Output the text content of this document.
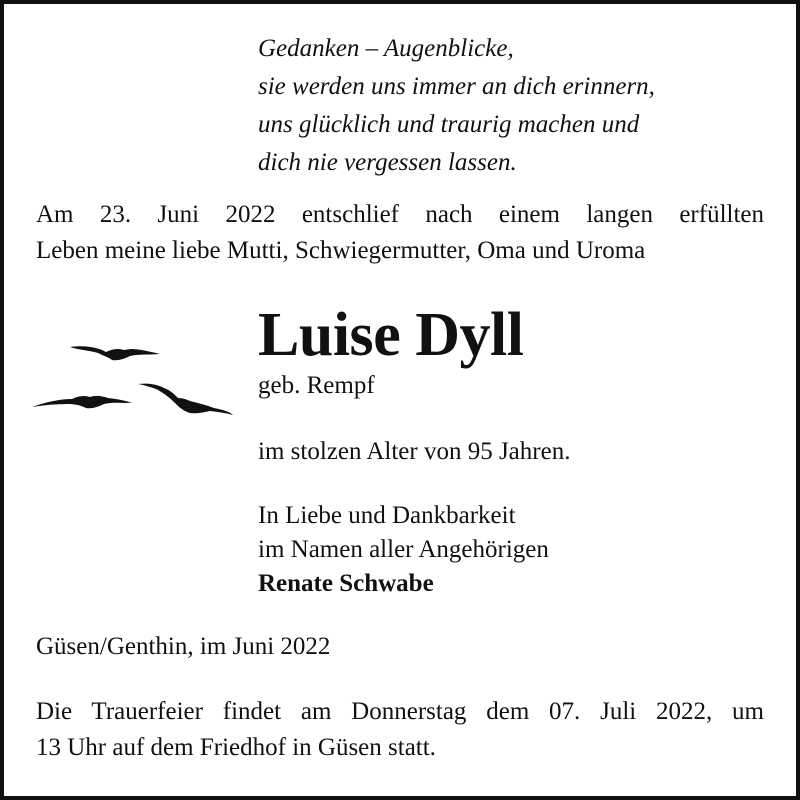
Gedanken – Augenblicke,
sie werden uns immer an dich erinnern,
uns glücklich und traurig machen und
dich nie vergessen lassen.
Am 23. Juni 2022 entschlief nach einem langen erfüllten
Leben meine liebe Mutti, Schwiegermutter, Oma und Uroma
Luise Dyll
geb. Rempf
im stolzen Alter von 95 Jahren.
In Liebe und Dankbarkeit
im Namen aller Angehörigen
Renate Schwabe
Güsen/Genthin, im Juni 2022
Die Trauerfeier findet am Donnerstag dem 07. Juli 2022, um
13 Uhr auf dem Friedhof in Güsen statt.
